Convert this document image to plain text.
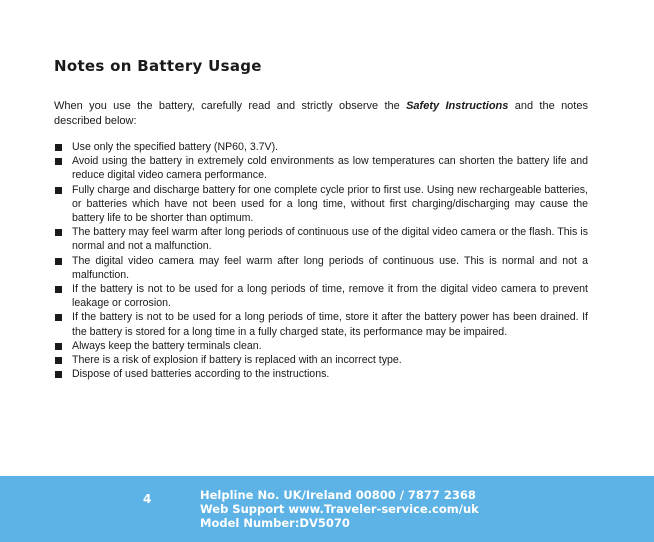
Notes on Battery Usage

When you use the battery, carefully read and strictly observe the Safety Instructions and the notes described below:

Use only the specified battery (NP60, 3.7V).
Avoid using the battery in extremely cold environments as low temperatures can shorten the battery life and reduce digital video camera performance.
Fully charge and discharge battery for one complete cycle prior to first use. Using new rechargeable batteries, or batteries which have not been used for a long time, without first charging/discharging may cause the battery life to be shorter than optimum.
The battery may feel warm after long periods of continuous use of the digital video camera or the flash. This is normal and not a malfunction.
The digital video camera may feel warm after long periods of continuous use. This is normal and not a malfunction.
If the battery is not to be used for a long periods of time, remove it from the digital video camera to prevent leakage or corrosion.
If the battery is not to be used for a long periods of time, store it after the battery power has been drained. If the battery is stored for a long time in a fully charged state, its performance may be impaired.
Always keep the battery terminals clean.
There is a risk of explosion if battery is replaced with an incorrect type.
Dispose of used batteries according to the instructions.
4	Helpline No. UK/Ireland 00800 / 7877 2368
Web Support www.Traveler-service.com/uk
Model Number:DV5070
